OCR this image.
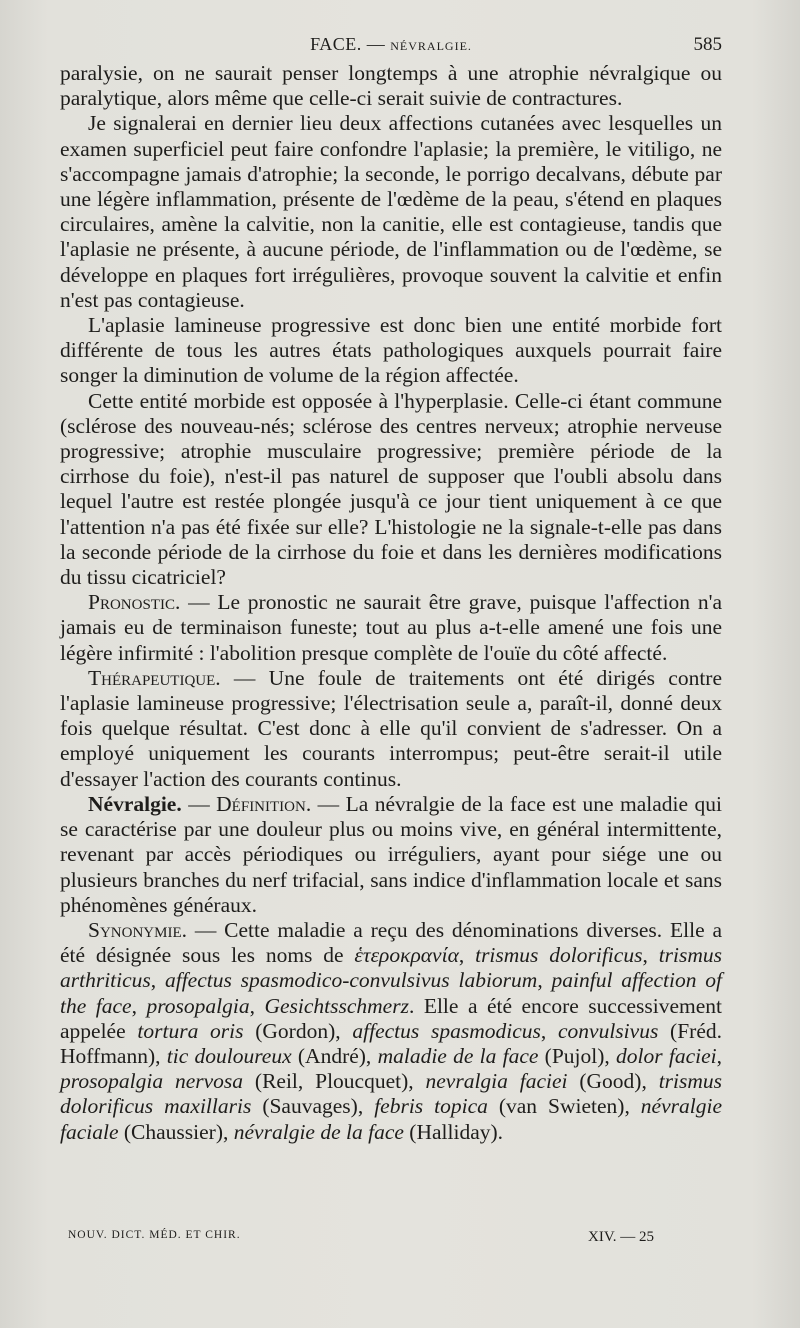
FACE. — NÉVRALGIE.	585

paralysie, on ne saurait penser longtemps à une atrophie névralgique ou paralytique, alors même que celle-ci serait suivie de contractures.

Je signalerai en dernier lieu deux affections cutanées avec lesquelles un examen superficiel peut faire confondre l'aplasie; la première, le vitiligo, ne s'accompagne jamais d'atrophie; la seconde, le porrigo decalvans, débute par une légère inflammation, présente de l'œdème de la peau, s'étend en plaques circulaires, amène la calvitie, non la canitie, elle est contagieuse, tandis que l'aplasie ne présente, à aucune période, de l'inflammation ou de l'œdème, se développe en plaques fort irrégulières, provoque souvent la calvitie et enfin n'est pas contagieuse.

L'aplasie lamineuse progressive est donc bien une entité morbide fort différente de tous les autres états pathologiques auxquels pourrait faire songer la diminution de volume de la région affectée.

Cette entité morbide est opposée à l'hyperplasie. Celle-ci étant commune (sclérose des nouveau-nés; sclérose des centres nerveux; atrophie nerveuse progressive; atrophie musculaire progressive; première période de la cirrhose du foie), n'est-il pas naturel de supposer que l'oubli absolu dans lequel l'autre est restée plongée jusqu'à ce jour tient uniquement à ce que l'attention n'a pas été fixée sur elle? L'histologie ne la signale-t-elle pas dans la seconde période de la cirrhose du foie et dans les dernières modifications du tissu cicatriciel?

Pronostic. — Le pronostic ne saurait être grave, puisque l'affection n'a jamais eu de terminaison funeste; tout au plus a-t-elle amené une fois une légère infirmité : l'abolition presque complète de l'ouïe du côté affecté.

Thérapeutique. — Une foule de traitements ont été dirigés contre l'aplasie lamineuse progressive; l'électrisation seule a, paraît-il, donné deux fois quelque résultat. C'est donc à elle qu'il convient de s'adresser. On a employé uniquement les courants interrompus; peut-être serait-il utile d'essayer l'action des courants continus.

Névralgie. — Définition. — La névralgie de la face est une maladie qui se caractérise par une douleur plus ou moins vive, en général intermittente, revenant par accès périodiques ou irréguliers, ayant pour siége une ou plusieurs branches du nerf trifacial, sans indice d'inflammation locale et sans phénomènes généraux.

Synonymie. — Cette maladie a reçu des dénominations diverses. Elle a été désignée sous les noms de ἑτεροκρανία, trismus dolorificus, trismus arthriticus, affectus spasmodico-convulsivus labiorum, painful affection of the face, prosopalgia, Gesichtsschmerz. Elle a été encore successivement appelée tortura oris (Gordon), affectus spasmodicus, convulsivus (Fréd. Hoffmann), tic douloureux (André), maladie de la face (Pujol), dolor faciei, prosopalgia nervosa (Reil, Ploucquet), nevralgia faciei (Good), trismus dolorificus maxillaris (Sauvages), febris topica (van Swieten), névralgie faciale (Chaussier), névralgie de la face (Halliday).

NOUV. DICT. MÉD. ET CHIR.	XIV. — 25
